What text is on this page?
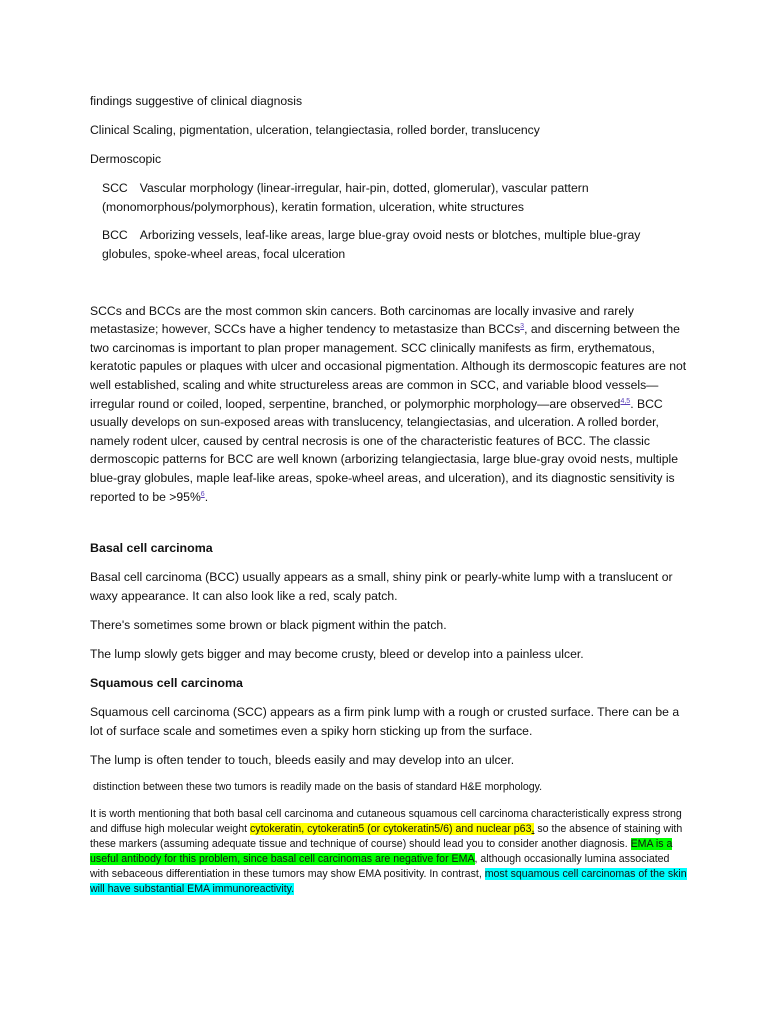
findings suggestive of clinical diagnosis

Clinical Scaling, pigmentation, ulceration, telangiectasia, rolled border, translucency

Dermoscopic

SCC Vascular morphology (linear-irregular, hair-pin, dotted, glomerular), vascular pattern (monomorphous/polymorphous), keratin formation, ulceration, white structures

BCC Arborizing vessels, leaf-like areas, large blue-gray ovoid nests or blotches, multiple blue-gray globules, spoke-wheel areas, focal ulceration

SCCs and BCCs are the most common skin cancers. Both carcinomas are locally invasive and rarely metastasize; however, SCCs have a higher tendency to metastasize than BCCs$^3$, and discerning between the two carcinomas is important to plan proper management. SCC clinically manifests as firm, erythematous, keratotic papules or plaques with ulcer and occasional pigmentation. Although its dermoscopic features are not well established, scaling and white structureless areas are common in SCC, and variable blood vessels—irregular round or coiled, looped, serpentine, branched, or polymorphic morphology—are observed$^{4,5}$. BCC usually develops on sun-exposed areas with translucency, telangiectasias, and ulceration. A rolled border, namely rodent ulcer, caused by central necrosis is one of the characteristic features of BCC. The classic dermoscopic patterns for BCC are well known (arborizing telangiectasia, large blue-gray ovoid nests, multiple blue-gray globules, maple leaf-like areas, spoke-wheel areas, and ulceration), and its diagnostic sensitivity is reported to be >95%$^6$.

Basal cell carcinoma

Basal cell carcinoma (BCC) usually appears as a small, shiny pink or pearly-white lump with a translucent or waxy appearance. It can also look like a red, scaly patch.

There's sometimes some brown or black pigment within the patch.

The lump slowly gets bigger and may become crusty, bleed or develop into a painless ulcer.

Squamous cell carcinoma

Squamous cell carcinoma (SCC) appears as a firm pink lump with a rough or crusted surface. There can be a lot of surface scale and sometimes even a spiky horn sticking up from the surface.

The lump is often tender to touch, bleeds easily and may develop into an ulcer.

distinction between these two tumors is readily made on the basis of standard H&E morphology.

It is worth mentioning that both basal cell carcinoma and cutaneous squamous cell carcinoma characteristically express strong and diffuse high molecular weight cytokeratin, cytokeratin5 (or cytokeratin5/6) and nuclear p63, so the absence of staining with these markers (assuming adequate tissue and technique of course) should lead you to consider another diagnosis. EMA is a useful antibody for this problem, since basal cell carcinomas are negative for EMA, although occasionally lumina associated with sebaceous differentiation in these tumors may show EMA positivity. In contrast, most squamous cell carcinomas of the skin will have substantial EMA immunoreactivity.
